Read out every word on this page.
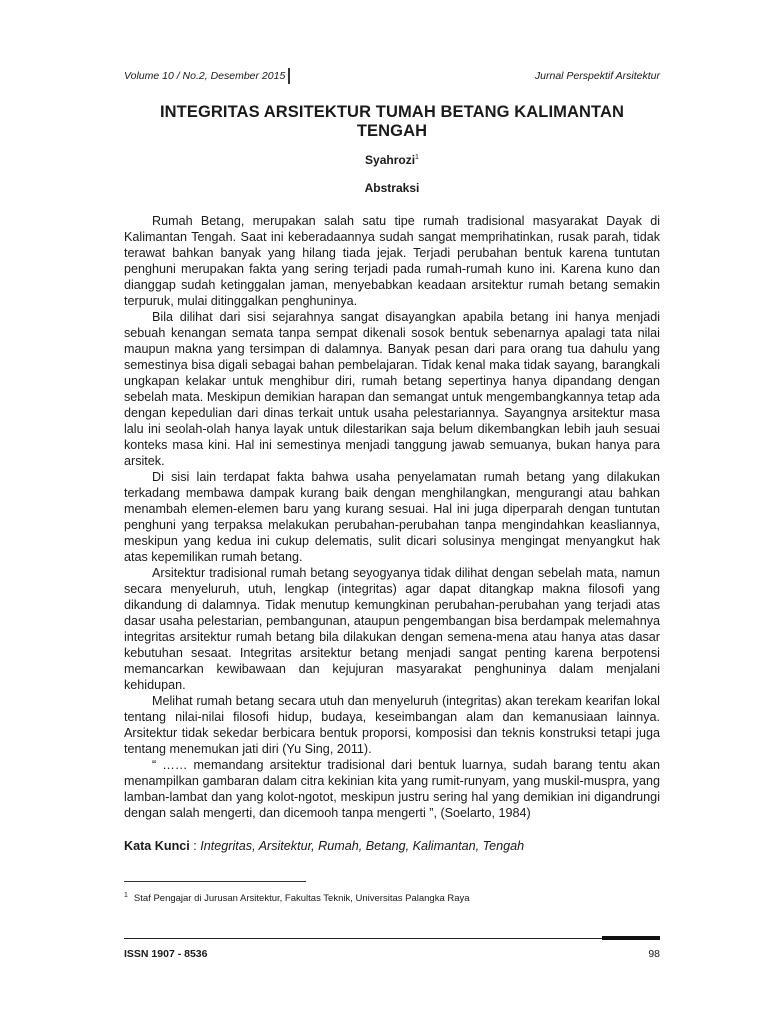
Volume 10 / No.2, Desember 2015	Jurnal Perspektif Arsitektur
INTEGRITAS ARSITEKTUR TUMAH BETANG KALIMANTAN TENGAH
Syahrozi$^1$
Abstraksi

Rumah Betang, merupakan salah satu tipe rumah tradisional masyarakat Dayak di Kalimantan Tengah. Saat ini keberadaannya sudah sangat memprihatinkan, rusak parah, tidak terawat bahkan banyak yang hilang tiada jejak. Terjadi perubahan bentuk karena tuntutan penghuni merupakan fakta yang sering terjadi pada rumah-rumah kuno ini. Karena kuno dan dianggap sudah ketinggalan jaman, menyebabkan keadaan arsitektur rumah betang semakin terpuruk, mulai ditinggalkan penghuninya.

Bila dilihat dari sisi sejarahnya sangat disayangkan apabila betang ini hanya menjadi sebuah kenangan semata tanpa sempat dikenali sosok bentuk sebenarnya apalagi tata nilai maupun makna yang tersimpan di dalamnya. Banyak pesan dari para orang tua dahulu yang semestinya bisa digali sebagai bahan pembelajaran. Tidak kenal maka tidak sayang, barangkali ungkapan kelakar untuk menghibur diri, rumah betang sepertinya hanya dipandang dengan sebelah mata. Meskipun demikian harapan dan semangat untuk mengembangkannya tetap ada dengan kepedulian dari dinas terkait untuk usaha pelestariannya. Sayangnya arsitektur masa lalu ini seolah-olah hanya layak untuk dilestarikan saja belum dikembangkan lebih jauh sesuai konteks masa kini. Hal ini semestinya menjadi tanggung jawab semuanya, bukan hanya para arsitek.

Di sisi lain terdapat fakta bahwa usaha penyelamatan rumah betang yang dilakukan terkadang membawa dampak kurang baik dengan menghilangkan, mengurangi atau bahkan menambah elemen-elemen baru yang kurang sesuai. Hal ini juga diperparah dengan tuntutan penghuni yang terpaksa melakukan perubahan-perubahan tanpa mengindahkan keasliannya, meskipun yang kedua ini cukup delematis, sulit dicari solusinya mengingat menyangkut hak atas kepemilikan rumah betang.

Arsitektur tradisional rumah betang seyogyanya tidak dilihat dengan sebelah mata, namun secara menyeluruh, utuh, lengkap (integritas) agar dapat ditangkap makna filosofi yang dikandung di dalamnya. Tidak menutup kemungkinan perubahan-perubahan yang terjadi atas dasar usaha pelestarian, pembangunan, ataupun pengembangan bisa berdampak melemahnya integritas arsitektur rumah betang bila dilakukan dengan semena-mena atau hanya atas dasar kebutuhan sesaat. Integritas arsitektur betang menjadi sangat penting karena berpotensi memancarkan kewibawaan dan kejujuran masyarakat penghuninya dalam menjalani kehidupan.

Melihat rumah betang secara utuh dan menyeluruh (integritas) akan terekam kearifan lokal tentang nilai-nilai filosofi hidup, budaya, keseimbangan alam dan kemanusiaan lainnya. Arsitektur tidak sekedar berbicara bentuk proporsi, komposisi dan teknis konstruksi tetapi juga tentang menemukan jati diri (Yu Sing, 2011).

“ …… memandang arsitektur tradisional dari bentuk luarnya, sudah barang tentu akan menampilkan gambaran dalam citra kekinian kita yang rumit-runyam, yang muskil-muspra, yang lamban-lambat dan yang kolot-ngotot, meskipun justru sering hal yang demikian ini digandrungi dengan salah mengerti, dan dicemooh tanpa mengerti ”, (Soelarto, 1984)

Kata Kunci : Integritas, Arsitektur, Rumah, Betang, Kalimantan, Tengah
$^1$ Staf Pengajar di Jurusan Arsitektur, Fakultas Teknik, Universitas Palangka Raya
ISSN 1907 - 8536	98
